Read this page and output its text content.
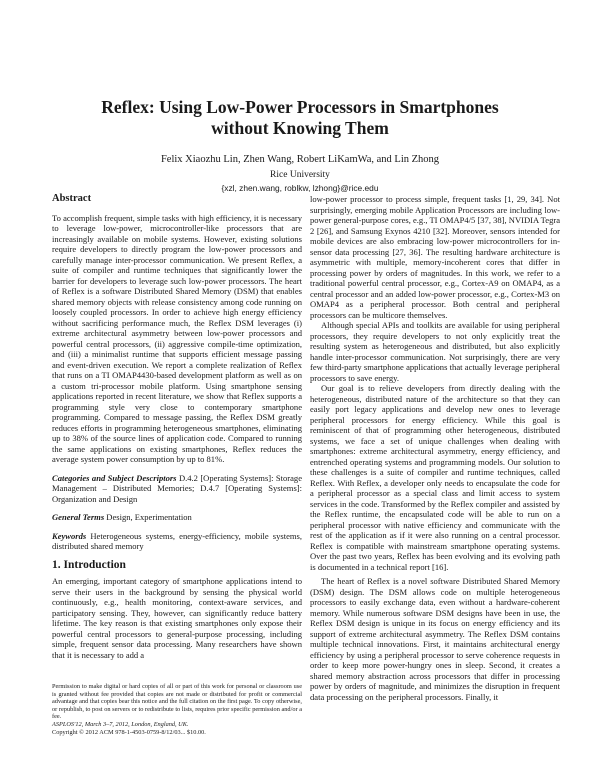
Reflex: Using Low-Power Processors in Smartphones
without Knowing Them
Felix Xiaozhu Lin, Zhen Wang, Robert LiKamWa, and Lin Zhong
Rice University
{xzl, zhen.wang, roblkw, lzhong}@rice.edu

Abstract

To accomplish frequent, simple tasks with high efficiency, it is necessary to leverage low-power, microcontroller-like processors that are increasingly available on mobile systems. However, existing solutions require developers to directly program the low-power processors and carefully manage inter-processor communication. We present Reflex, a suite of compiler and runtime techniques that significantly lower the barrier for developers to leverage such low-power processors. The heart of Reflex is a software Distributed Shared Memory (DSM) that enables shared memory objects with release consistency among code running on loosely coupled processors. In order to achieve high energy efficiency without sacrificing performance much, the Reflex DSM leverages (i) extreme architectural asymmetry between low-power processors and powerful central processors, (ii) aggressive compile-time optimization, and (iii) a minimalist runtime that supports efficient message passing and event-driven execution. We report a complete realization of Reflex that runs on a TI OMAP4430-based development platform as well as on a custom tri-processor mobile platform. Using smartphone sensing applications reported in recent literature, we show that Reflex supports a programming style very close to contemporary smartphone programming. Compared to message passing, the Reflex DSM greatly reduces efforts in programming heterogeneous smartphones, eliminating up to 38% of the source lines of application code. Compared to running the same applications on existing smartphones, Reflex reduces the average system power consumption by up to 81%.

Categories and Subject Descriptors D.4.2 [Operating Systems]: Storage Management – Distributed Memories; D.4.7 [Operating Systems]: Organization and Design

General Terms Design, Experimentation

Keywords Heterogeneous systems, energy-efficiency, mobile systems, distributed shared memory

1. Introduction

An emerging, important category of smartphone applications intend to serve their users in the background by sensing the physical world continuously, e.g., health monitoring, context-aware services, and participatory sensing. They, however, can significantly reduce battery lifetime. The key reason is that existing smartphones only expose their powerful central processors to general-purpose processing, including simple, frequent sensor data processing. Many researchers have shown that it is necessary to add a

Permission to make digital or hard copies of all or part of this work for personal or classroom use is granted without fee provided that copies are not made or distributed for profit or commercial advantage and that copies bear this notice and the full citation on the first page. To copy otherwise, or republish, to post on servers or to redistribute to lists, requires prior specific permission and/or a fee.

ASPLOS'12, March 3–7, 2012, London, England, UK.

Copyright © 2012 ACM 978-1-4503-0759-8/12/03... $10.00.

low-power processor to process simple, frequent tasks [1, 29, 34]. Not surprisingly, emerging mobile Application Processors are including low-power general-purpose cores, e.g., TI OMAP4/5 [37, 38], NVIDIA Tegra 2 [26], and Samsung Exynos 4210 [32]. Moreover, sensors intended for mobile devices are also embracing low-power microcontrollers for in-sensor data processing [27, 36]. The resulting hardware architecture is asymmetric with multiple, memory-incoherent cores that differ in processing power by orders of magnitudes. In this work, we refer to a traditional powerful central processor, e.g., Cortex-A9 on OMAP4, as a central processor and an added low-power processor, e.g., Cortex-M3 on OMAP4 as a peripheral processor. Both central and peripheral processors can be multicore themselves.

Although special APIs and toolkits are available for using peripheral processors, they require developers to not only explicitly treat the resulting system as heterogeneous and distributed, but also explicitly handle inter-processor communication. Not surprisingly, there are very few third-party smartphone applications that actually leverage peripheral processors to save energy.

Our goal is to relieve developers from directly dealing with the heterogeneous, distributed nature of the architecture so that they can easily port legacy applications and develop new ones to leverage peripheral processors for energy efficiency. While this goal is reminiscent of that of programming other heterogeneous, distributed systems, we face a set of unique challenges when dealing with smartphones: extreme architectural asymmetry, energy efficiency, and entrenched operating systems and programming models. Our solution to these challenges is a suite of compiler and runtime techniques, called Reflex. With Reflex, a developer only needs to encapsulate the code for a peripheral processor as a special class and limit access to system services in the code. Transformed by the Reflex compiler and assisted by the Reflex runtime, the encapsulated code will be able to run on a peripheral processor with native efficiency and communicate with the rest of the application as if it were also running on a central processor. Reflex is compatible with mainstream smartphone operating systems. Over the past two years, Reflex has been evolving and its evolving path is documented in a technical report [16].

The heart of Reflex is a novel software Distributed Shared Memory (DSM) design. The DSM allows code on multiple heterogeneous processors to easily exchange data, even without a hardware-coherent memory. While numerous software DSM designs have been in use, the Reflex DSM design is unique in its focus on energy efficiency and its support of extreme architectural asymmetry. The Reflex DSM contains multiple technical innovations. First, it maintains architectural energy efficiency by using a peripheral processor to serve coherence requests in order to keep more power-hungry ones in sleep. Second, it creates a shared memory abstraction across processors that differ in processing power by orders of magnitude, and minimizes the disruption in frequent data processing on the peripheral processors. Finally, it
